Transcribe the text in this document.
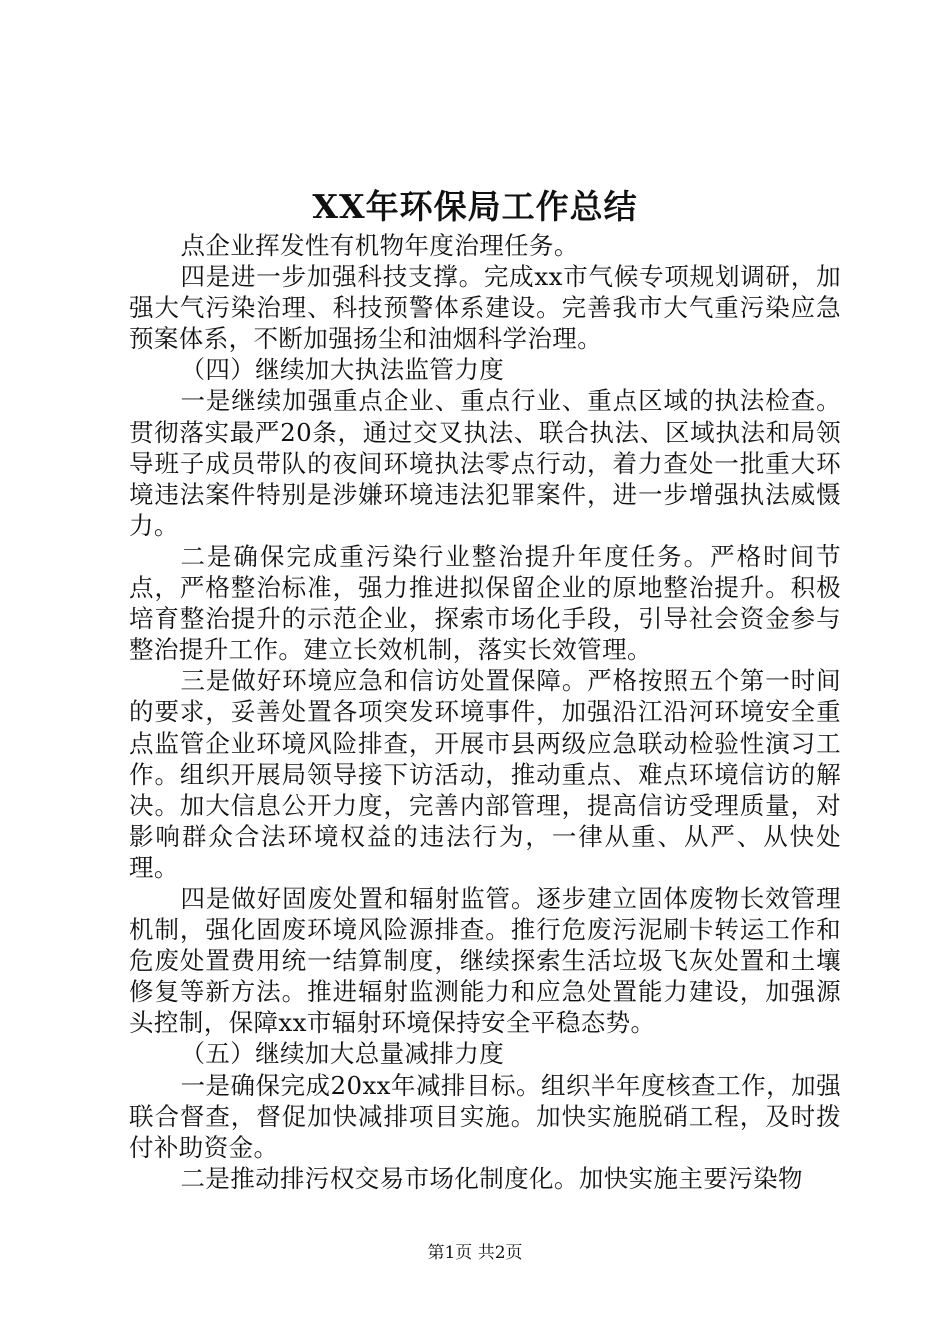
XX年环保局工作总结

点企业挥发性有机物年度治理任务。

四是进一步加强科技支撑。完成xx市气候专项规划调研，加强大气污染治理、科技预警体系建设。完善我市大气重污染应急预案体系，不断加强扬尘和油烟科学治理。

（四）继续加大执法监管力度

一是继续加强重点企业、重点行业、重点区域的执法检查。贯彻落实最严20条，通过交叉执法、联合执法、区域执法和局领导班子成员带队的夜间环境执法零点行动，着力查处一批重大环境违法案件特别是涉嫌环境违法犯罪案件，进一步增强执法威慑力。

二是确保完成重污染行业整治提升年度任务。严格时间节点，严格整治标准，强力推进拟保留企业的原地整治提升。积极培育整治提升的示范企业，探索市场化手段，引导社会资金参与整治提升工作。建立长效机制，落实长效管理。

三是做好环境应急和信访处置保障。严格按照五个第一时间的要求，妥善处置各项突发环境事件，加强沿江沿河环境安全重点监管企业环境风险排查，开展市县两级应急联动检验性演习工作。组织开展局领导接下访活动，推动重点、难点环境信访的解决。加大信息公开力度，完善内部管理，提高信访受理质量，对影响群众合法环境权益的违法行为，一律从重、从严、从快处理。

四是做好固废处置和辐射监管。逐步建立固体废物长效管理机制，强化固废环境风险源排查。推行危废污泥刷卡转运工作和危废处置费用统一结算制度，继续探索生活垃圾飞灰处置和土壤修复等新方法。推进辐射监测能力和应急处置能力建设，加强源头控制，保障xx市辐射环境保持安全平稳态势。

（五）继续加大总量减排力度

一是确保完成20xx年减排目标。组织半年度核查工作，加强联合督查，督促加快减排项目实施。加快实施脱硝工程，及时拨付补助资金。

二是推动排污权交易市场化制度化。加快实施主要污染物

第1页 共2页
